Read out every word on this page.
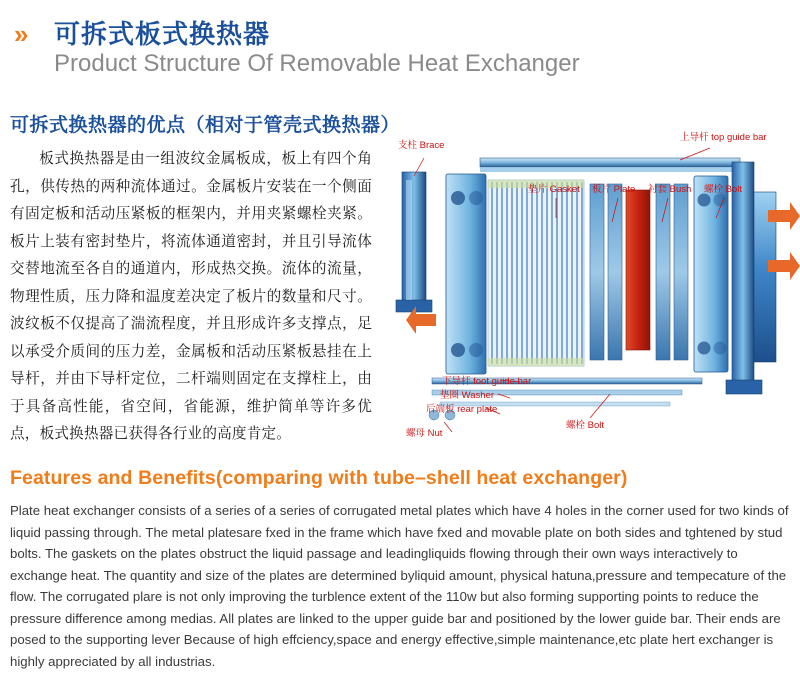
»	可拆式板式换热器
Product Structure Of Removable Heat Exchanger
可拆式换热器的优点（相对于管壳式换热器）
板式换热器是由一组波纹金属板成，板上有四个角孔，供传热的两种流体通过。金属板片安装在一个侧面有固定板和活动压紧板的框架内，并用夹紧螺栓夹紧。板片上装有密封垫片，将流体通道密封，并且引导流体交替地流至各自的通道内，形成热交换。流体的流量，物理性质，压力降和温度差决定了板片的数量和尺寸。波纹板不仅提高了湍流程度，并且形成许多支撑点，足以承受介质间的压力差，金属板和活动压紧板悬挂在上导杆，并由下导杆定位，二杆端则固定在支撑柱上，由于具备高性能，省空间，省能源，维护简单等许多优点，板式换热器已获得各行业的高度肯定。
支柱 Brace
上导杆 top guide bar
垫片 Gasket 板片 Plate 衬套 Bush 螺栓 Bolt
下导杆 foot guide bar
垫圈 Washer
后端板 rear plate
螺母 Nut
螺栓 Bolt
Features and Benefits(comparing with tube–shell heat exchanger)
Plate heat exchanger consists of a series of a series of corrugated metal plates which have 4 holes in the corner used for two kinds of liquid passing through. The metal platesare fxed in the frame which have fxed and movable plate on both sides and tghtened by stud bolts. The gaskets on the plates obstruct the liquid passage and leadingliquids flowing through their own ways interactively to exchange heat. The quantity and size of the plates are determined byliquid amount, physical hatuna,pressure and tempecature of the flow. The corrugated plare is not only improving the turblence extent of the 110w but also forming supporting points to reduce the pressure difference among medias. All plates are linked to the upper guide bar and positioned by the lower guide bar. Their ends are posed to the supporting lever Because of high effciency,space and energy effective,simple maintenance,etc plate hert exchanger is highly appreciated by all industrias.
